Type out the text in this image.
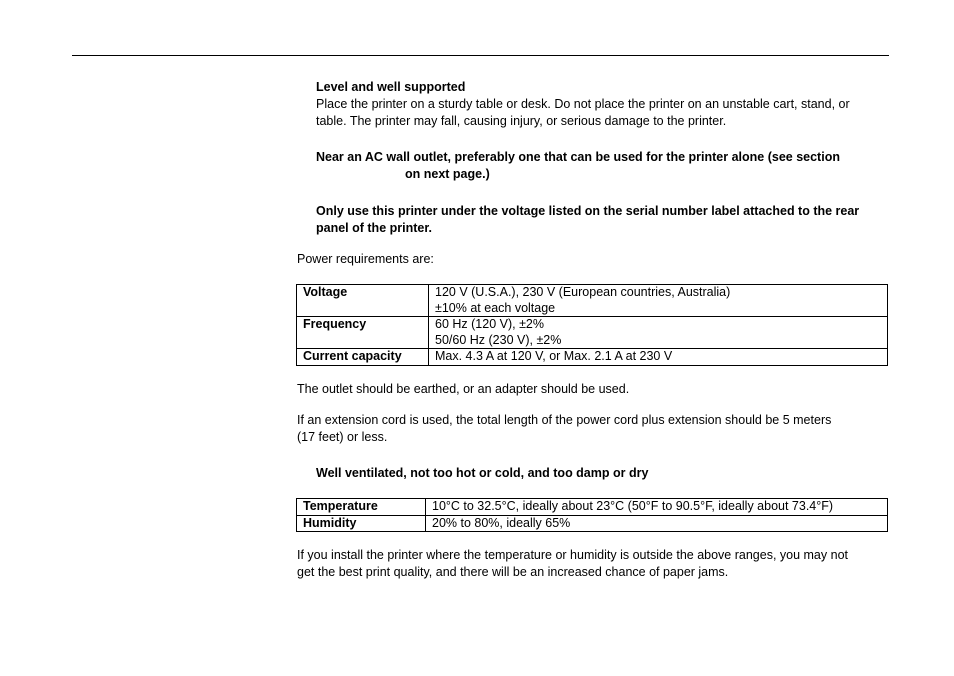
Level and well supported
Place the printer on a sturdy table or desk. Do not place the printer on an unstable cart, stand, or
table. The printer may fall, causing injury, or serious damage to the printer.
Near an AC wall outlet, preferably one that can be used for the printer alone (see section
on next page.)
Only use this printer under the voltage listed on the serial number label attached to the rear
panel of the printer.
Power requirements are:
Voltage	120 V (U.S.A.), 230 V (European countries, Australia)
±10% at each voltage

Frequency	60 Hz (120 V), ±2%
50/60 Hz (230 V), ±2%

Current capacity	Max. 4.3 A at 120 V, or Max. 2.1 A at 230 V
The outlet should be earthed, or an adapter should be used.
If an extension cord is used, the total length of the power cord plus extension should be 5 meters
(17 feet) or less.
Well ventilated, not too hot or cold, and too damp or dry
Temperature	10°C to 32.5°C, ideally about 23°C (50°F to 90.5°F, ideally about 73.4°F)
Humidity	20% to 80%, ideally 65%
If you install the printer where the temperature or humidity is outside the above ranges, you may not
get the best print quality, and there will be an increased chance of paper jams.
